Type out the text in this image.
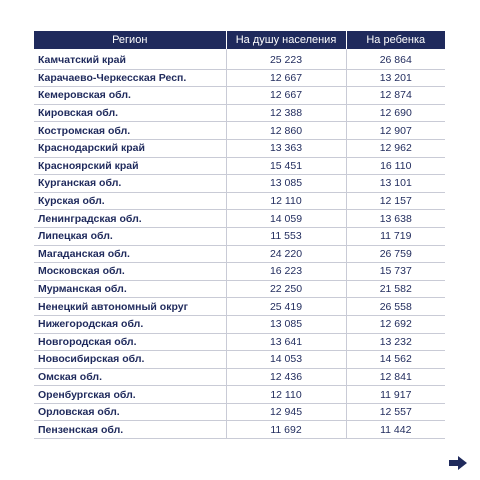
Регион	На душу населения	На ребенка
Камчатский край	25 223	26 864
Карачаево-Черкесская Респ.	12 667	13 201
Кемеровская обл.	12 667	12 874
Кировская обл.	12 388	12 690
Костромская обл.	12 860	12 907
Краснодарский край	13 363	12 962
Красноярский край	15 451	16 110
Курганская обл.	13 085	13 101
Курская обл.	12 110	12 157
Ленинградская обл.	14 059	13 638
Липецкая обл.	11 553	11 719
Магаданская обл.	24 220	26 759
Московская обл.	16 223	15 737
Мурманская обл.	22 250	21 582
Ненецкий автономный округ	25 419	26 558
Нижегородская обл.	13 085	12 692
Новгородская обл.	13 641	13 232
Новосибирская обл.	14 053	14 562
Омская обл.	12 436	12 841
Оренбургская обл.	12 110	11 917
Орловская обл.	12 945	12 557
Пензенская обл.	11 692	11 442
